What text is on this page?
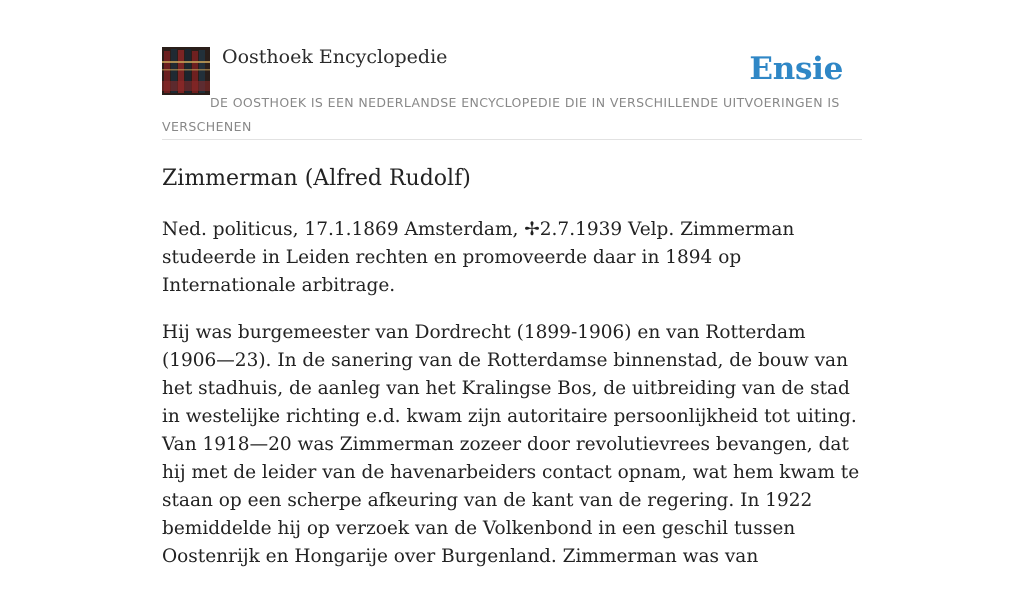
Oosthoek Encyclopedie	Ensie

DE OOSTHOEK IS EEN NEDERLANDSE ENCYCLOPEDIE DIE IN VERSCHILLENDE UITVOERINGEN IS VERSCHENEN

Zimmerman (Alfred Rudolf)

Ned. politicus, 17.1.1869 Amsterdam, ✢2.7.1939 Velp. Zimmerman studeerde in Leiden rechten en promoveerde daar in 1894 op Internationale arbitrage.

Hij was burgemeester van Dordrecht (1899-1906) en van Rotterdam (1906—23). In de sanering van de Rotterdamse binnenstad, de bouw van het stadhuis, de aanleg van het Kralingse Bos, de uitbreiding van de stad in westelijke richting e.d. kwam zijn autoritaire persoonlijkheid tot uiting. Van 1918—20 was Zimmerman zozeer door revolutievrees bevangen, dat hij met de leider van de havenarbeiders contact opnam, wat hem kwam te staan op een scherpe afkeuring van de kant van de regering. In 1922 bemiddelde hij op verzoek van de Volkenbond in een geschil tussen Oostenrijk en Hongarije over Burgenland. Zimmerman was van
